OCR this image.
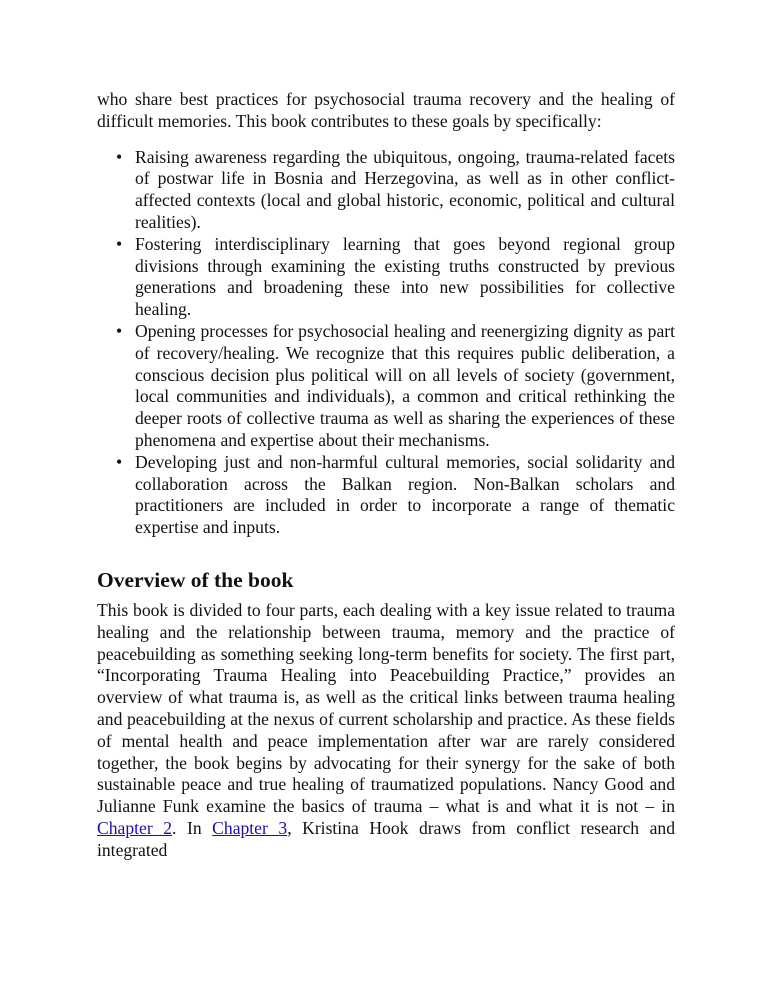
who share best practices for psychosocial trauma recovery and the healing of difficult memories. This book contributes to these goals by specifically:

• Raising awareness regarding the ubiquitous, ongoing, trauma-related facets of postwar life in Bosnia and Herzegovina, as well as in other conflict-affected contexts (local and global historic, economic, political and cultural realities).
• Fostering interdisciplinary learning that goes beyond regional group divisions through examining the existing truths constructed by previous generations and broadening these into new possibilities for collective healing.
• Opening processes for psychosocial healing and reenergizing dignity as part of recovery/healing. We recognize that this requires public deliberation, a conscious decision plus political will on all levels of society (government, local communities and individuals), a common and critical rethinking the deeper roots of collective trauma as well as sharing the experiences of these phenomena and expertise about their mechanisms.
• Developing just and non-harmful cultural memories, social solidarity and collaboration across the Balkan region. Non-Balkan scholars and practitioners are included in order to incorporate a range of thematic expertise and inputs.
Overview of the book

This book is divided to four parts, each dealing with a key issue related to trauma healing and the relationship between trauma, memory and the practice of peacebuilding as something seeking long-term benefits for society. The first part, “Incorporating Trauma Healing into Peacebuilding Practice,” provides an overview of what trauma is, as well as the critical links between trauma healing and peacebuilding at the nexus of current scholarship and practice. As these fields of mental health and peace implementation after war are rarely considered together, the book begins by advocating for their synergy for the sake of both sustainable peace and true healing of traumatized populations. Nancy Good and Julianne Funk examine the basics of trauma – what is and what it is not – in Chapter 2. In Chapter 3, Kristina Hook draws from conflict research and integrated
